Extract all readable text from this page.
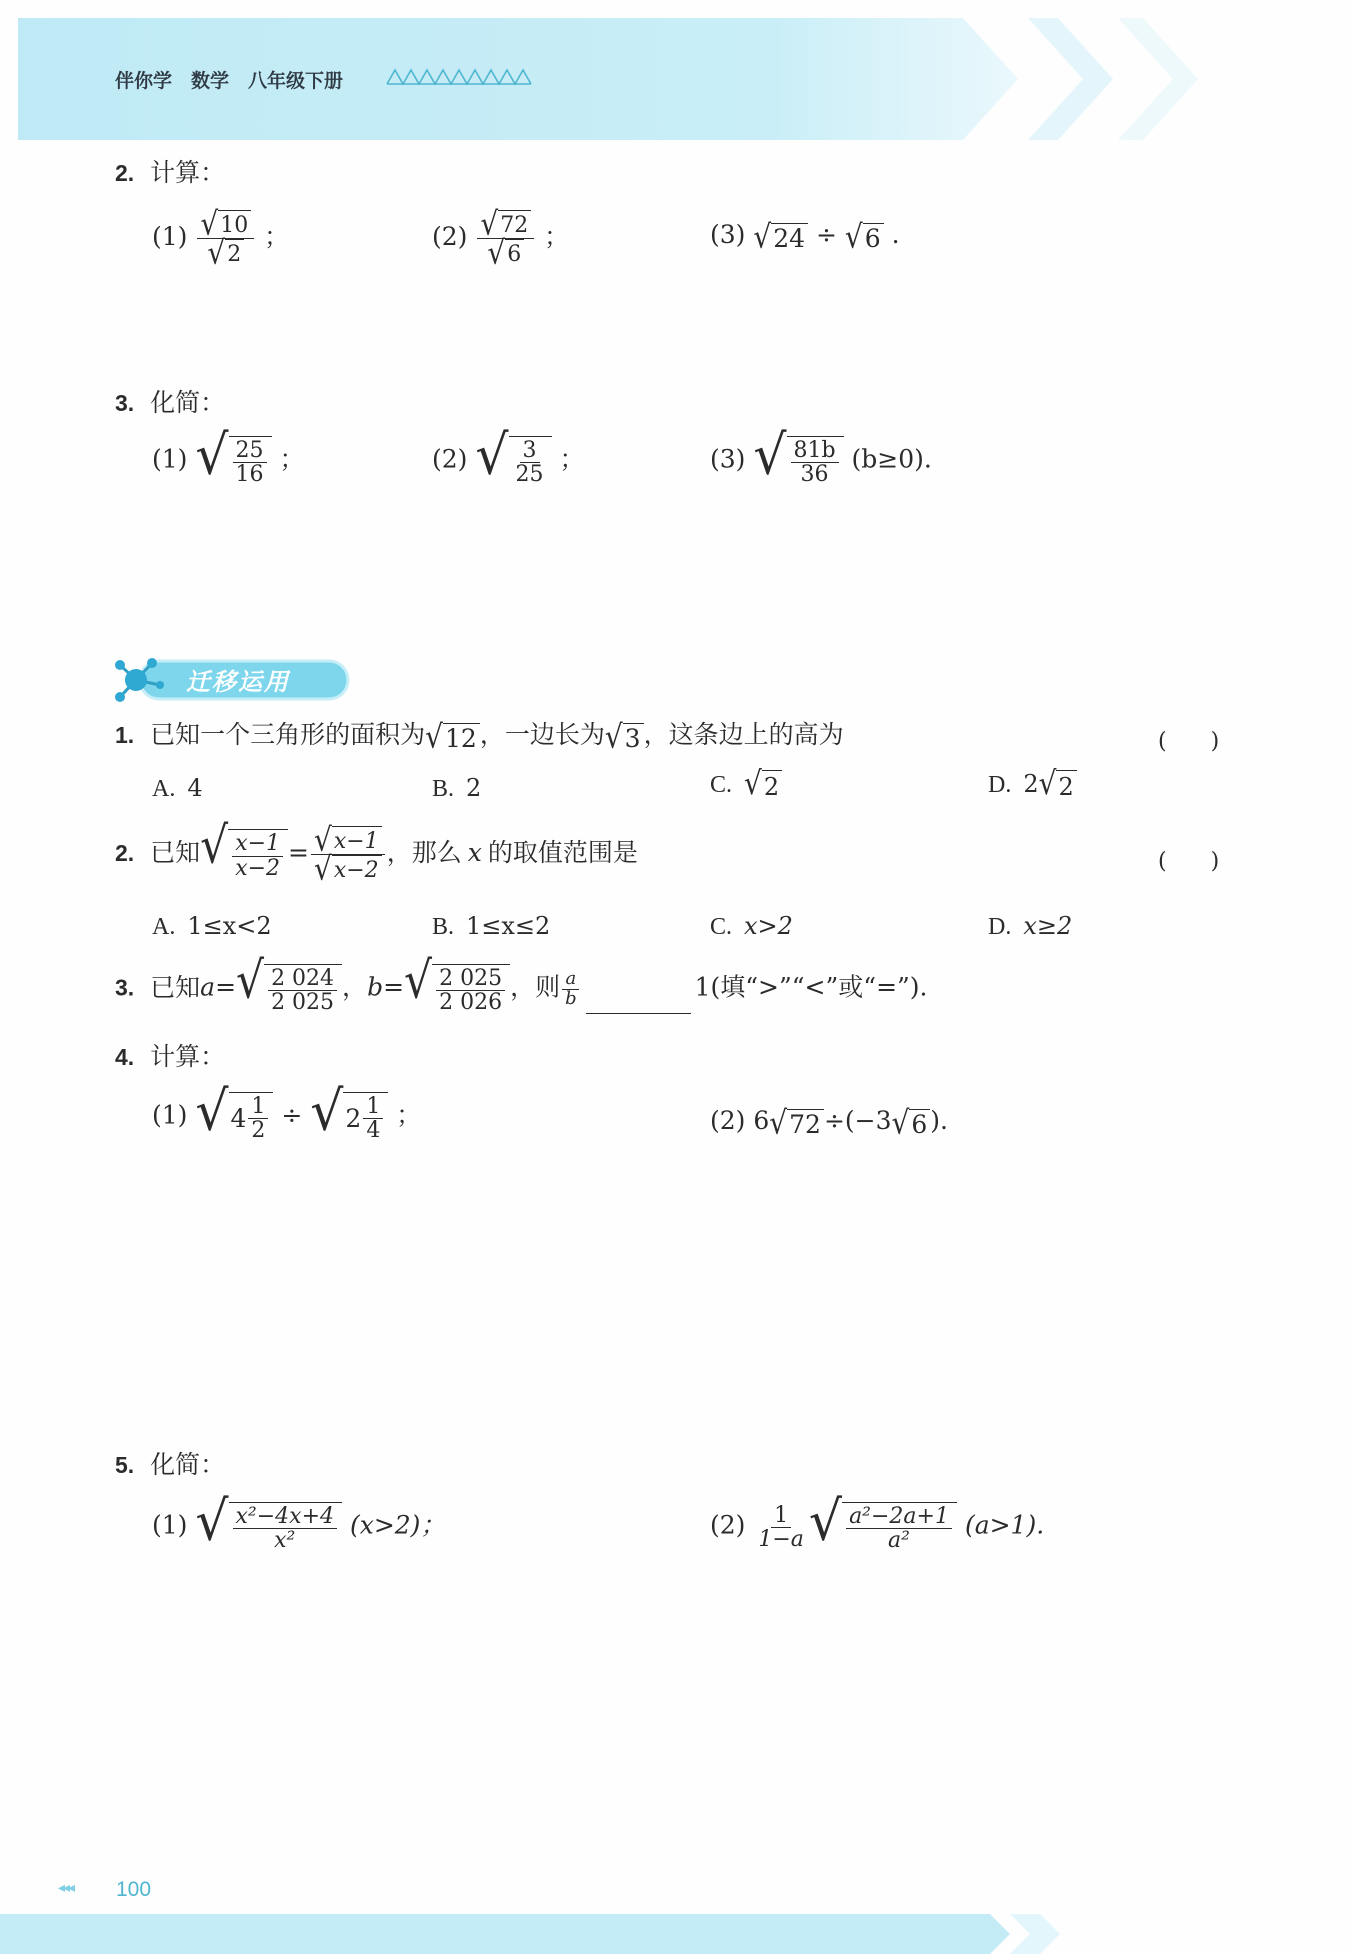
伴你学　数学　八年级下册
2. 计算：
$(1) \frac{√ 10}{√ 2}$ ；	$(2) \frac{√ 72}{√ 6}$ ；	(3) √ 24 ÷ √ 6 .
3. 化简：
(1) √ $\frac{25}{16}$ ；	(2) √ $\frac{3}{25}$ ；	(3) √ $\frac{81b}{36} (b\ge 0)$.
迁移运用
1. 已知一个三角形的面积为 √ 12 ，一边长为 √ 3 ，这条边上的高为	(　　)
A. 4	B. 2	C. √ 2	D. 2 √ 2
2. 已知 √ $\frac{x-1}{x-2} = \frac{√ x-1}{√ x-2}$ ，那么 x 的取值范围是	(　　)
A. 1≤x<2	B. 1≤x≤2	C. x>2	D. x≥2
3. 已知a= √ $\frac{2 024}{2 025}$ ，b= √ $\frac{2 025}{2 026}$ ，则 $\frac{a}{b}$	1(填“>”“<”或“=”).
4. 计算：
(1) √ $4 \frac{1}{2}$ ÷ √ $2 \frac{1}{4}$ ；	(2) 6 √ 72 ÷(−3 √ 6 ).
5. 化简：
(1) √ $\frac{\text{x²−4x+4}}{\text{x²}} (x>2)$；	$(2) \frac{1}{1-a}$ √ $\frac{\text{a²−2a+1}}{\text{a²}} (a>1)$.
◂◂◂ 100
